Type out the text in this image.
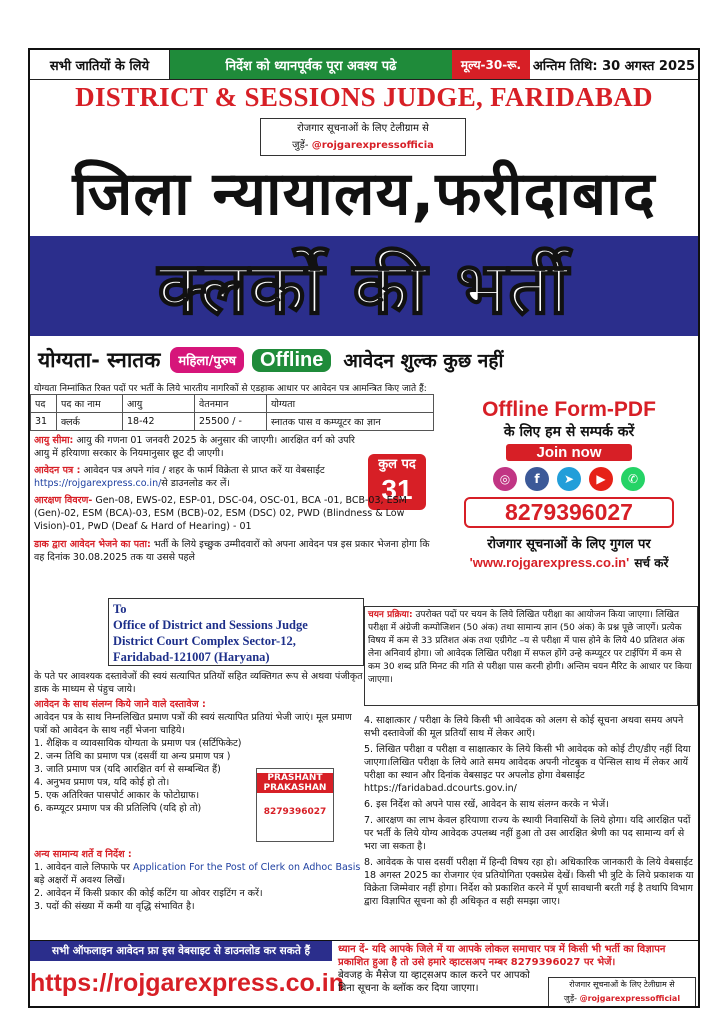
सभी जातियों के लिये	निर्देश को ध्यानपूर्वक पूरा अवश्य पढे	मूल्य-30-रू. अन्तिम तिथि: 30 अगस्त 2025
DISTRICT & SESSIONS JUDGE, FARIDABAD
रोजगार सूचनाओं के लिए टेलीग्राम से
जुड़ें- @rojgarexpressofficia
जिला न्यायालय,फरीदाबाद
क्लर्को की भर्ती
योग्यता- स्नातक	महिला/पुरुष	Offline	आवेदन शुल्क कुछ नहीं
योग्यता निम्नांकित रिक्त पदों पर भर्ती के लिये भारतीय नागरिकों से एडहाक आधार पर आवेदन पत्र आमन्त्रित किए जाते हैं:
पद	पद का नाम	आयु	वेतनमान	योग्यता
31	क्लर्क	18-42	25500 / -	स्नातक पास व कम्प्यूटर का ज्ञान
Offline Form-PDF
के लिए हम से सम्पर्क करें
Join now
◎	f	➤	▶	✆
8279396027
रोजगार सूचनाओं के लिए गुगल पर
'www.rojgarexpress.co.in' सर्च करें
कुल पद
31
आयु सीमा: आयु की गणना 01 जनवरी 2025 के अनुसार की जाएगी। आरक्षित वर्ग को उपरि आयु में हरियाणा सरकार के नियमानुसार छूट दी जाएगी।
आवेदन पत्र : आवेदन पत्र अपने गांव / शहर के फार्म विक्रेता से प्राप्त करें या वेबसाईट https://rojgarexpress.co.in/से डाउनलोड कर लें।
आरक्षण विवरण- Gen-08, EWS-02, ESP-01, DSC-04, OSC-01, BCA -01, BCB-03, ESM (Gen)-02, ESM (BCA)-03, ESM (BCB)-02, ESM (DSC) 02, PWD (Blindness & Low Vision)-01, PwD (Deaf & Hard of Hearing) - 01
डाक द्वारा आवेदन भेजने का पता: भर्ती के लिये इच्छुक उम्मीदवारों को अपना आवेदन पत्र इस प्रकार भेजना होगा कि वह दिनांक 30.08.2025 तक या उससे पहले
To
Office of District and Sessions Judge
District Court Complex Sector-12,
Faridabad-121007 (Haryana)
के पते पर आवश्यक दस्तावेजों की स्वयं सत्यापित प्रतियों सहित व्यक्तिगत रूप से अथवा पंजीकृत डाक के माध्यम से पंहुच जाये।
आवेदन के साथ संलग्न किये जाने वाले दस्तावेज :
आवेदन पत्र के साथ निम्नलिखित प्रमाण पत्रों की स्वयं सत्यापित प्रतियां भेजी जाएं। मूल प्रमाण पत्रों को आवेदन के साथ नहीं भेजना चाहिये।
1. शैक्षिक व व्यावसायिक योग्यता के प्रमाण पत्र (सर्टिफिकेट)
2. जन्म तिथि का प्रमाण पत्र (दसवीं या अन्य प्रमाण पत्र )
3. जाति प्रमाण पत्र (यदि आरक्षित वर्ग से सम्बन्धित हैं)
4. अनुभव प्रमाण पत्र, यदि कोई हो तो।
5. एक अतिरिक्त पासपोर्ट आकार के फोटोग्राफ।
6. कम्प्यूटर प्रमाण पत्र की प्रतिलिपि (यदि हो तो)
अन्य सामान्य शर्ते व निर्देश :
1. आवेदन वाले लिफाफे पर Application For the Post of Clerk on Adhoc Basis बड़े अक्षरों में अवश्य लिखें।
2. आवेदन में किसी प्रकार की कोई कटिंग या ओवर राइटिंग न करें।
3. पदों की संख्या में कमी या वृद्धि संभावित है।
PRASHANT PRAKASHAN
8279396027
चयन प्रक्रिया: उपरोक्त पदों पर चयन के लिये लिखित परीक्षा का आयोजन किया जाएगा। लिखित परीक्षा में अंग्रेजी कम्पोजिशन (50 अंक) तथा सामान्य ज्ञान (50 अंक) के प्रश्न पूछे जाएगें। प्रत्येक विषय में कम से 33 प्रतिशत अंक तथा एग्रीगेट –य से परीक्षा में पास होने के लिये 40 प्रतिशत अंक लेना अनिवार्य होगा। जो आवेदक लिखित परीक्षा में सफल होंगे उन्हे कम्प्यूटर पर टाईपिंग में कम से कम 30 शब्द प्रति मिनट की गति से परीक्षा पास करनी होगी। अन्तिम चयन मैरिट के आधार पर किया जाएगा।
4. साक्षात्कार / परीक्षा के लिये किसी भी आवेदक को अलग से कोई सूचना अथवा समय अपने सभी दस्तावेजों की मूल प्रतियाँ साथ में लेकर आएँ।
5. लिखित परीक्षा व परीक्षा व साक्षात्कार के लिये किसी भी आवेदक को कोई टीए/डीए नहीं दिया जाएगा।लिखित परीक्षा के लिये आते समय आवेदक अपनी नोटबुक व पेन्सिल साथ में लेकर आयें परीक्षा का स्थान और दिनांक वेबसाइट पर अपलोड होगा वेबसाईट https://faridabad.dcourts.gov.in/
6. इस निर्देश को अपने पास रखें, आवेदन के साथ संलग्न करके न भेजें।
7. आरक्षण का लाभ केवल हरियाणा राज्य के स्थायी निवासियों के लिये होगा। यदि आरक्षित पदों पर भर्ती के लिये योग्य आवेदक उपलब्ध नहीं हुआ तो उस आरक्षित श्रेणी का पद सामान्य वर्ग से भरा जा सकता है।
8. आवेदक के पास दसवीं परीक्षा में हिन्दी विषय रहा हो। अधिकारिक जानकारी के लिये वेबसाईट 18 अगस्त 2025 का रोजगार एंव प्रतियोगिता एक्सप्रेस देखें। किसी भी त्रुटि के लिये प्रकाशक या विक्रेता जिम्मेवार नहीं होगा। निर्देश को प्रकाशित करने में पूर्ण सावधानी बरती गई है तथापि विभाग द्वारा विज्ञापित सूचना को ही अधिकृत व सही समझा जाए।
सभी ऑफलाइन आवेदन फ्रा इस वेबसाइट से डाउनलोड कर सकते हैं
https://rojgarexpress.co.in
ध्यान दें- यदि आपके जिले में या आपके लोकल समाचार पत्र में किसी भी भर्ती का विज्ञापन प्रकाशित हुआ है तो उसे हमारे व्हाटसअप नम्बर 8279396027 पर भेजें।
बेवजह के मैसेज या व्हाट्सअप काल करने पर आपको बिना सूचना के ब्लॉक कर दिया जाएगा।	रोजगार सूचनाओं के लिए टेलीग्राम से
जुड़ें- @rojgarexpressofficial
